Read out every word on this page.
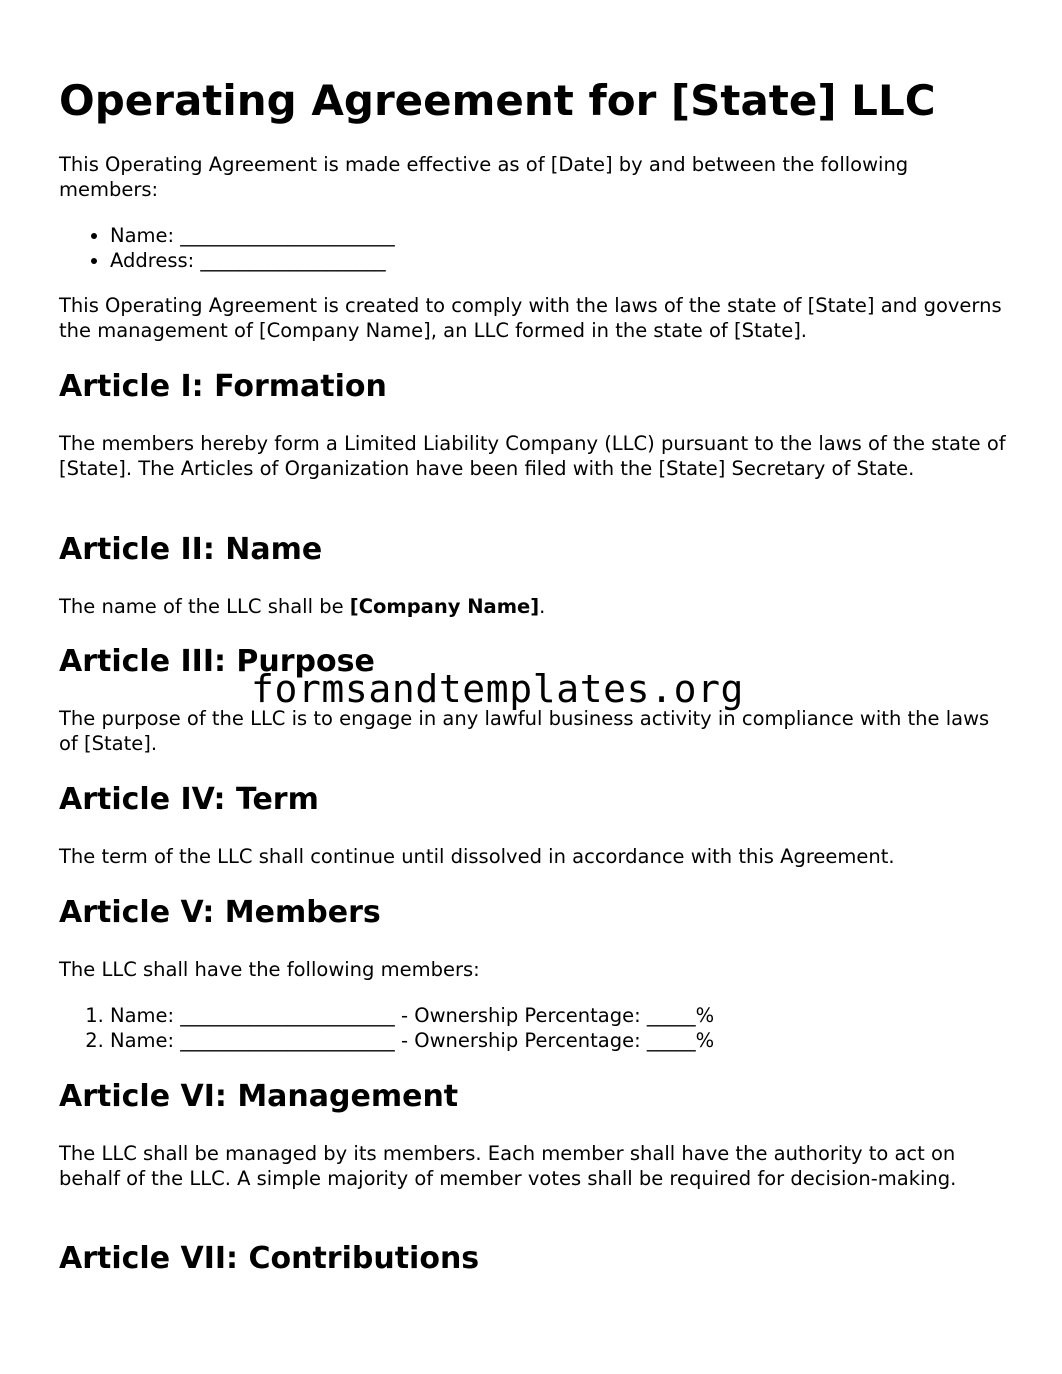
Operating Agreement for [State] LLC

This Operating Agreement is made effective as of [Date] by and between the following members:

• Name: ______________________
• Address: ___________________

This Operating Agreement is created to comply with the laws of the state of [State] and governs the management of [Company Name], an LLC formed in the state of [State].

Article I: Formation

The members hereby form a Limited Liability Company (LLC) pursuant to the laws of the state of [State]. The Articles of Organization have been filed with the [State] Secretary of State.

Article II: Name

The name of the LLC shall be [Company Name].

Article III: Purpose

The purpose of the LLC is to engage in any lawful business activity in compliance with the laws of [State].

Article IV: Term

The term of the LLC shall continue until dissolved in accordance with this Agreement.

Article V: Members

The LLC shall have the following members:

1. Name: ______________________ - Ownership Percentage: _____%
2. Name: ______________________ - Ownership Percentage: _____%
Article VI: Management

The LLC shall be managed by its members. Each member shall have the authority to act on behalf of the LLC. A simple majority of member votes shall be required for decision-making.

Article VII: Contributions
formsandtemplates.org
